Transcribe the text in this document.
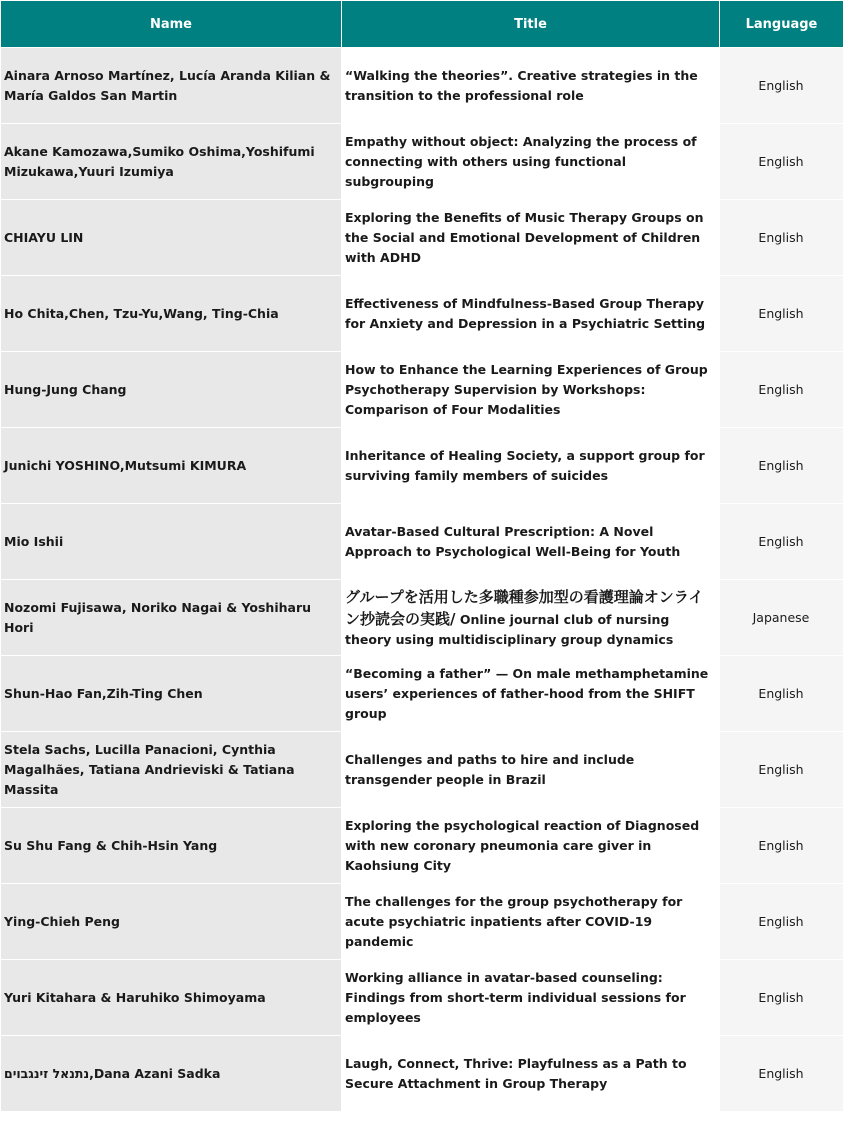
Name	Title	Language
Ainara Arnoso Martínez, Lucía Aranda Kilian & María Galdos San Martin	“Walking the theories”. Creative strategies in the transition to the professional role	English
Akane Kamozawa,Sumiko Oshima,Yoshifumi Mizukawa,Yuuri Izumiya	Empathy without object: Analyzing the process of connecting with others using functional subgrouping	English
CHIAYU LIN	Exploring the Benefits of Music Therapy Groups on the Social and Emotional Development of Children with ADHD	English
Ho Chita,Chen, Tzu-Yu,Wang, Ting-Chia	Effectiveness of Mindfulness-Based Group Therapy for Anxiety and Depression in a Psychiatric Setting	English
Hung-Jung Chang	How to Enhance the Learning Experiences of Group Psychotherapy Supervision by Workshops: Comparison of Four Modalities	English
Junichi YOSHINO,Mutsumi KIMURA	Inheritance of Healing Society, a support group for surviving family members of suicides	English
Mio Ishii	Avatar-Based Cultural Prescription: A Novel Approach to Psychological Well-Being for Youth	English
Nozomi Fujisawa, Noriko Nagai & Yoshiharu Hori	グループを活用した多職種参加型の看護理論オンライン抄読会の実践/ Online journal club of nursing theory using multidisciplinary group dynamics	Japanese
Shun-Hao Fan,Zih-Ting Chen	“Becoming a father” — On male methamphetamine users’ experiences of father-hood from the SHIFT group	English
Stela Sachs, Lucilla Panacioni, Cynthia Magalhães, Tatiana Andrieviski & Tatiana Massita	Challenges and paths to hire and include transgender people in Brazil	English
Su Shu Fang & Chih-Hsin Yang	Exploring the psychological reaction of Diagnosed with new coronary pneumonia care giver in Kaohsiung City	English
Ying-Chieh Peng	The challenges for the group psychotherapy for acute psychiatric inpatients after COVID-19 pandemic	English
Yuri Kitahara & Haruhiko Shimoyama	Working alliance in avatar-based counseling: Findings from short-term individual sessions for employees	English
נתנאל זינגבוים,Dana Azani Sadka	Laugh, Connect, Thrive: Playfulness as a Path to Secure Attachment in Group Therapy	English
